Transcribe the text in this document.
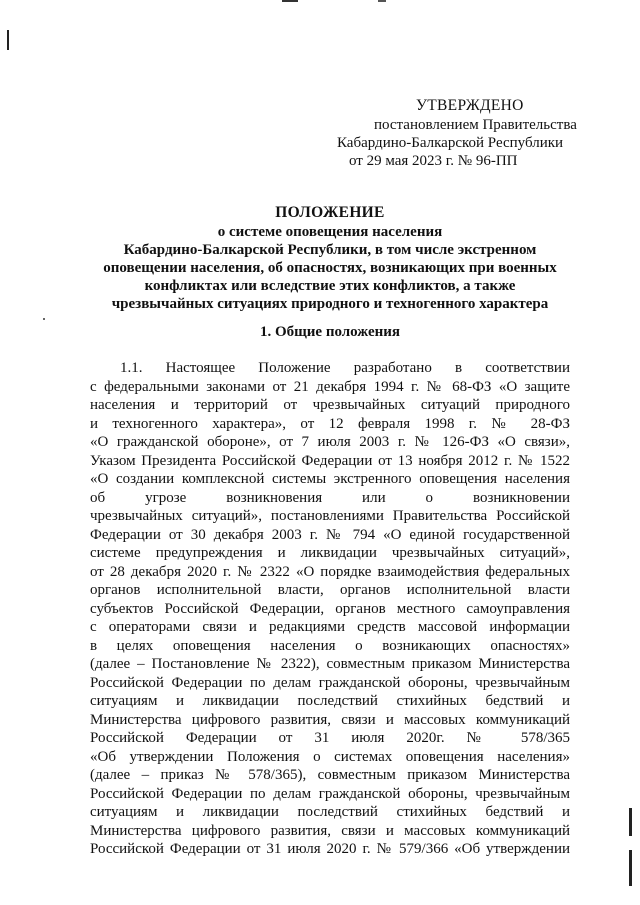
УТВЕРЖДЕНО
постановлением Правительства
Кабардино-Балкарской Республики
от 29 мая 2023 г. № 96-ПП
ПОЛОЖЕНИЕ
о системе оповещения населения
Кабардино-Балкарской Республики, в том числе экстренном
оповещении населения, об опасностях, возникающих при военных
конфликтах или вследствие этих конфликтов, а также
чрезвычайных ситуациях природного и техногенного характера
1. Общие положения
1.1. Настоящее Положение разработано в соответствии
с федеральными законами от 21 декабря 1994 г. № 68-ФЗ «О защите
населения и территорий от чрезвычайных ситуаций природного
и техногенного характера», от 12 февраля 1998 г. № 28-ФЗ
«О гражданской обороне», от 7 июля 2003 г. № 126-ФЗ «О связи»,
Указом Президента Российской Федерации от 13 ноября 2012 г. № 1522
«О создании комплексной системы экстренного оповещения населения
об угрозе возникновения или о возникновении
чрезвычайных ситуаций», постановлениями Правительства Российской
Федерации от 30 декабря 2003 г. № 794 «О единой государственной
системе предупреждения и ликвидации чрезвычайных ситуаций»,
от 28 декабря 2020 г. № 2322 «О порядке взаимодействия федеральных
органов исполнительной власти, органов исполнительной власти
субъектов Российской Федерации, органов местного самоуправления
с операторами связи и редакциями средств массовой информации
в целях оповещения населения о возникающих опасностях»
(далее – Постановление № 2322), совместным приказом Министерства
Российской Федерации по делам гражданской обороны, чрезвычайным
ситуациям и ликвидации последствий стихийных бедствий и
Министерства цифрового развития, связи и массовых коммуникаций
Российской Федерации от 31 июля 2020г. № 578/365
«Об утверждении Положения о системах оповещения населения»
(далее – приказ № 578/365), совместным приказом Министерства
Российской Федерации по делам гражданской обороны, чрезвычайным
ситуациям и ликвидации последствий стихийных бедствий и
Министерства цифрового развития, связи и массовых коммуникаций
Российской Федерации от 31 июля 2020 г. № 579/366 «Об утверждении
